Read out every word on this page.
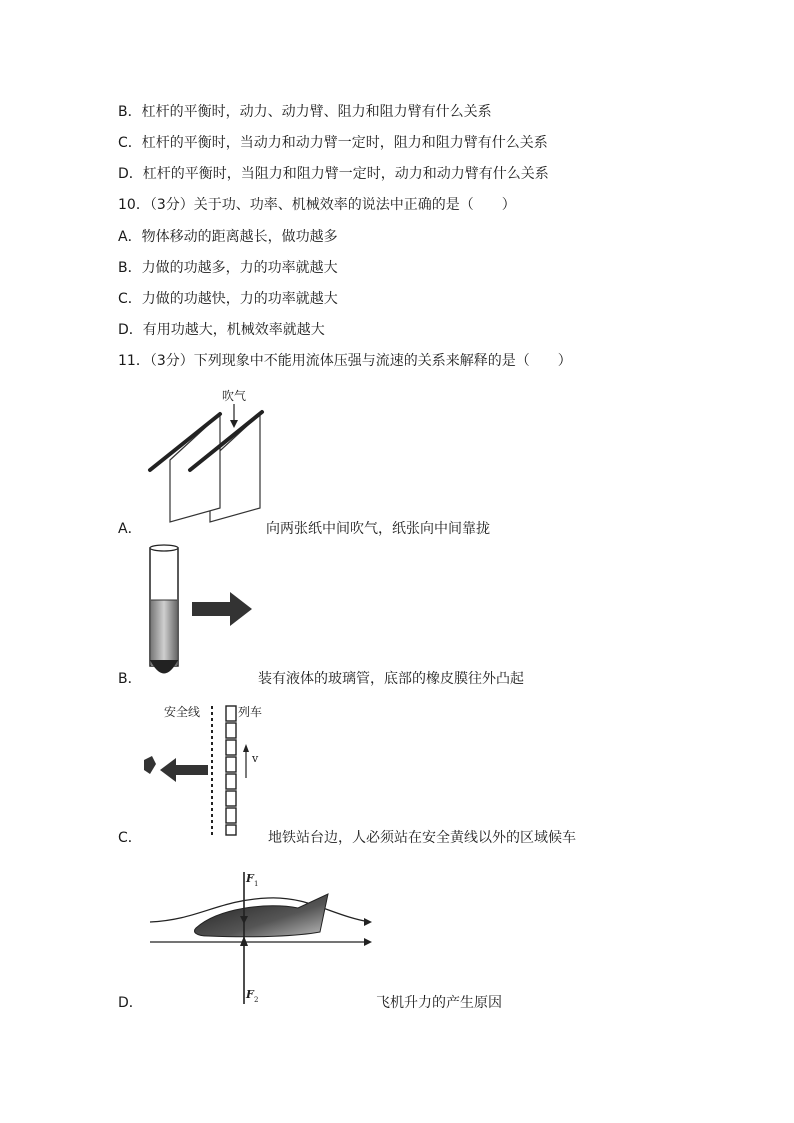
B．杠杆的平衡时，动力、动力臂、阻力和阻力臂有什么关系
C．杠杆的平衡时，当动力和动力臂一定时，阻力和阻力臂有什么关系
D．杠杆的平衡时，当阻力和阻力臂一定时，动力和动力臂有什么关系
10．（3分）关于功、功率、机械效率的说法中正确的是（　　）
A．物体移动的距离越长，做功越多
B．力做的功越多，力的功率就越大
C．力做的功越快，力的功率就越大
D．有用功越大，机械效率就越大
11．（3分）下列现象中不能用流体压强与流速的关系来解释的是（　　）
吹气
A．	向两张纸中间吹气，纸张向中间靠拢
B．	装有液体的玻璃管，底部的橡皮膜往外凸起
安全线	列车
v
C．	地铁站台边，人必须站在安全黄线以外的区域候车
F 1
F 2
D．	飞机升力的产生原因
